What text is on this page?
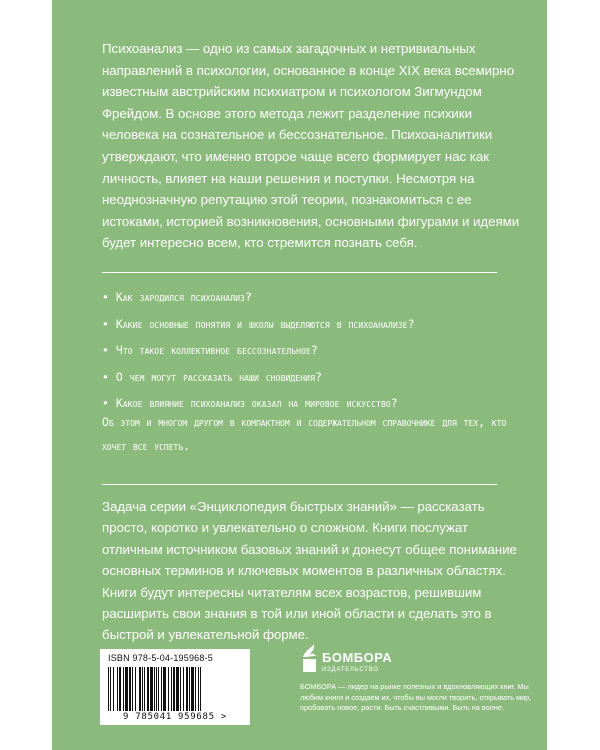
Психоанализ — одно из самых загадочных и нетривиальных направлений в психологии, основанное в конце XIX века всемирно известным австрийским психиатром и психологом Зигмундом Фрейдом. В основе этого метода лежит разделение психики человека на сознательное и бессознательное. Психоаналитики утверждают, что именно второе чаще всего формирует нас как личность, влияет на наши решения и поступки. Несмотря на неоднозначную репутацию этой теории, познакомиться с ее истоками, историей возникновения, основными фигурами и идеями будет интересно всем, кто стремится познать себя.

• Как зародился психоанализ?
• Какие основные понятия и школы выделяются в психоанализе?
• Что такое коллективное бессознательное?
• О чем могут рассказать наши сновидения?
• Какое влияние психоанализ оказал на мировое искусство?

Об этом и многом другом в компактном и содержательном справочнике для тех, кто хочет все успеть.

Задача серии «Энциклопедия быстрых знаний» — рассказать просто, коротко и увлекательно о сложном. Книги послужат отличным источником базовых знаний и донесут общее понимание основных терминов и ключевых моментов в различных областях. Книги будут интересны читателям всех возрастов, решившим расширить свои знания в той или иной области и сделать это в быстрой и увлекательной форме.

ISBN 978-5-04-195968-5
9 785041 959685 >
БОМБОРА
ИЗДАТЕЛЬСТВО

БОМБОРА — лидер на рынке полезных и вдохновляющих книг. Мы любим книги и создаем их, чтобы вы могли творить, открывать мир, пробовать новое, расти. Быть счастливыми. Быть на волне.
